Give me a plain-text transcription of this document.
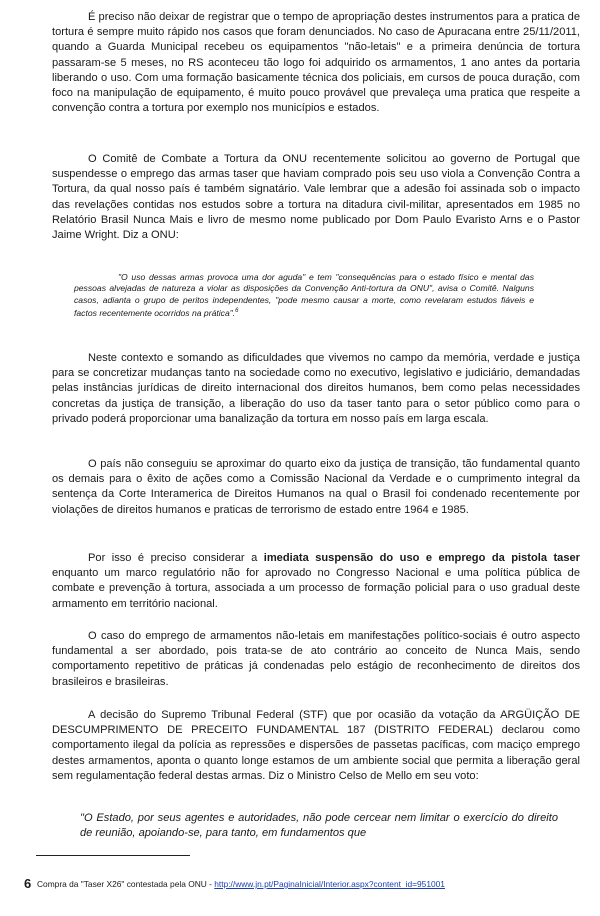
É preciso não deixar de registrar que o tempo de apropriação destes instrumentos para a pratica de tortura é sempre muito rápido nos casos que foram denunciados. No caso de Apuracana entre 25/11/2011, quando a Guarda Municipal recebeu os equipamentos "não-letais" e a primeira denúncia de tortura passaram-se 5 meses, no RS aconteceu tão logo foi adquirido os armamentos, 1 ano antes da portaria liberando o uso. Com uma formação basicamente técnica dos policiais, em cursos de pouca duração, com foco na manipulação de equipamento, é muito pouco provável que prevaleça uma pratica que respeite a convenção contra a tortura por exemplo nos municípios e estados.

O Comitê de Combate a Tortura da ONU recentemente solicitou ao governo de Portugal que suspendesse o emprego das armas taser que haviam comprado pois seu uso viola a Convenção Contra a Tortura, da qual nosso país é também signatário. Vale lembrar que a adesão foi assinada sob o impacto das revelações contidas nos estudos sobre a tortura na ditadura civil-militar, apresentados em 1985 no Relatório Brasil Nunca Mais e livro de mesmo nome publicado por Dom Paulo Evaristo Arns e o Pastor Jaime Wright. Diz a ONU:

"O uso dessas armas provoca uma dor aguda" e tem "consequências para o estado físico e mental das pessoas alvejadas de natureza a violar as disposições da Convenção Anti-tortura da ONU", avisa o Comitê. Nalguns casos, adianta o grupo de peritos independentes, "pode mesmo causar a morte, como revelaram estudos fiáveis e factos recentemente ocorridos na prática".$^6$

Neste contexto e somando as dificuldades que vivemos no campo da memória, verdade e justiça para se concretizar mudanças tanto na sociedade como no executivo, legislativo e judiciário, demandadas pelas instâncias jurídicas de direito internacional dos direitos humanos, bem como pelas necessidades concretas da justiça de transição, a liberação do uso da taser tanto para o setor público como para o privado poderá proporcionar uma banalização da tortura em nosso país em larga escala.

O país não conseguiu se aproximar do quarto eixo da justiça de transição, tão fundamental quanto os demais para o êxito de ações como a Comissão Nacional da Verdade e o cumprimento integral da sentença da Corte Interamerica de Direitos Humanos na qual o Brasil foi condenado recentemente por violações de direitos humanos e praticas de terrorismo de estado entre 1964 e 1985.

Por isso é preciso considerar a imediata suspensão do uso e emprego da pistola taser enquanto um marco regulatório não for aprovado no Congresso Nacional e uma política pública de combate e prevenção à tortura, associada a um processo de formação policial para o uso gradual deste armamento em território nacional.

O caso do emprego de armamentos não-letais em manifestações político-sociais é outro aspecto fundamental a ser abordado, pois trata-se de ato contrário ao conceito de Nunca Mais, sendo comportamento repetitivo de práticas já condenadas pelo estágio de reconhecimento de direitos dos brasileiros e brasileiras.

A decisão do Supremo Tribunal Federal (STF) que por ocasião da votação da ARGÜIÇÃO DE DESCUMPRIMENTO DE PRECEITO FUNDAMENTAL 187 (DISTRITO FEDERAL) declarou como comportamento ilegal da polícia as repressões e dispersões de passetas pacíficas, com maciço emprego destes armamentos, aponta o quanto longe estamos de um ambiente social que permita a liberação geral sem regulamentação federal destas armas. Diz o Ministro Celso de Mello em seu voto:

"O Estado, por seus agentes e autoridades, não pode cercear nem limitar o exercício do direito de reunião, apoiando-se, para tanto, em fundamentos que

6 Compra da "Taser X26" contestada pela ONU - http://www.jn.pt/PaginaInicial/Interior.aspx?content_id=951001
